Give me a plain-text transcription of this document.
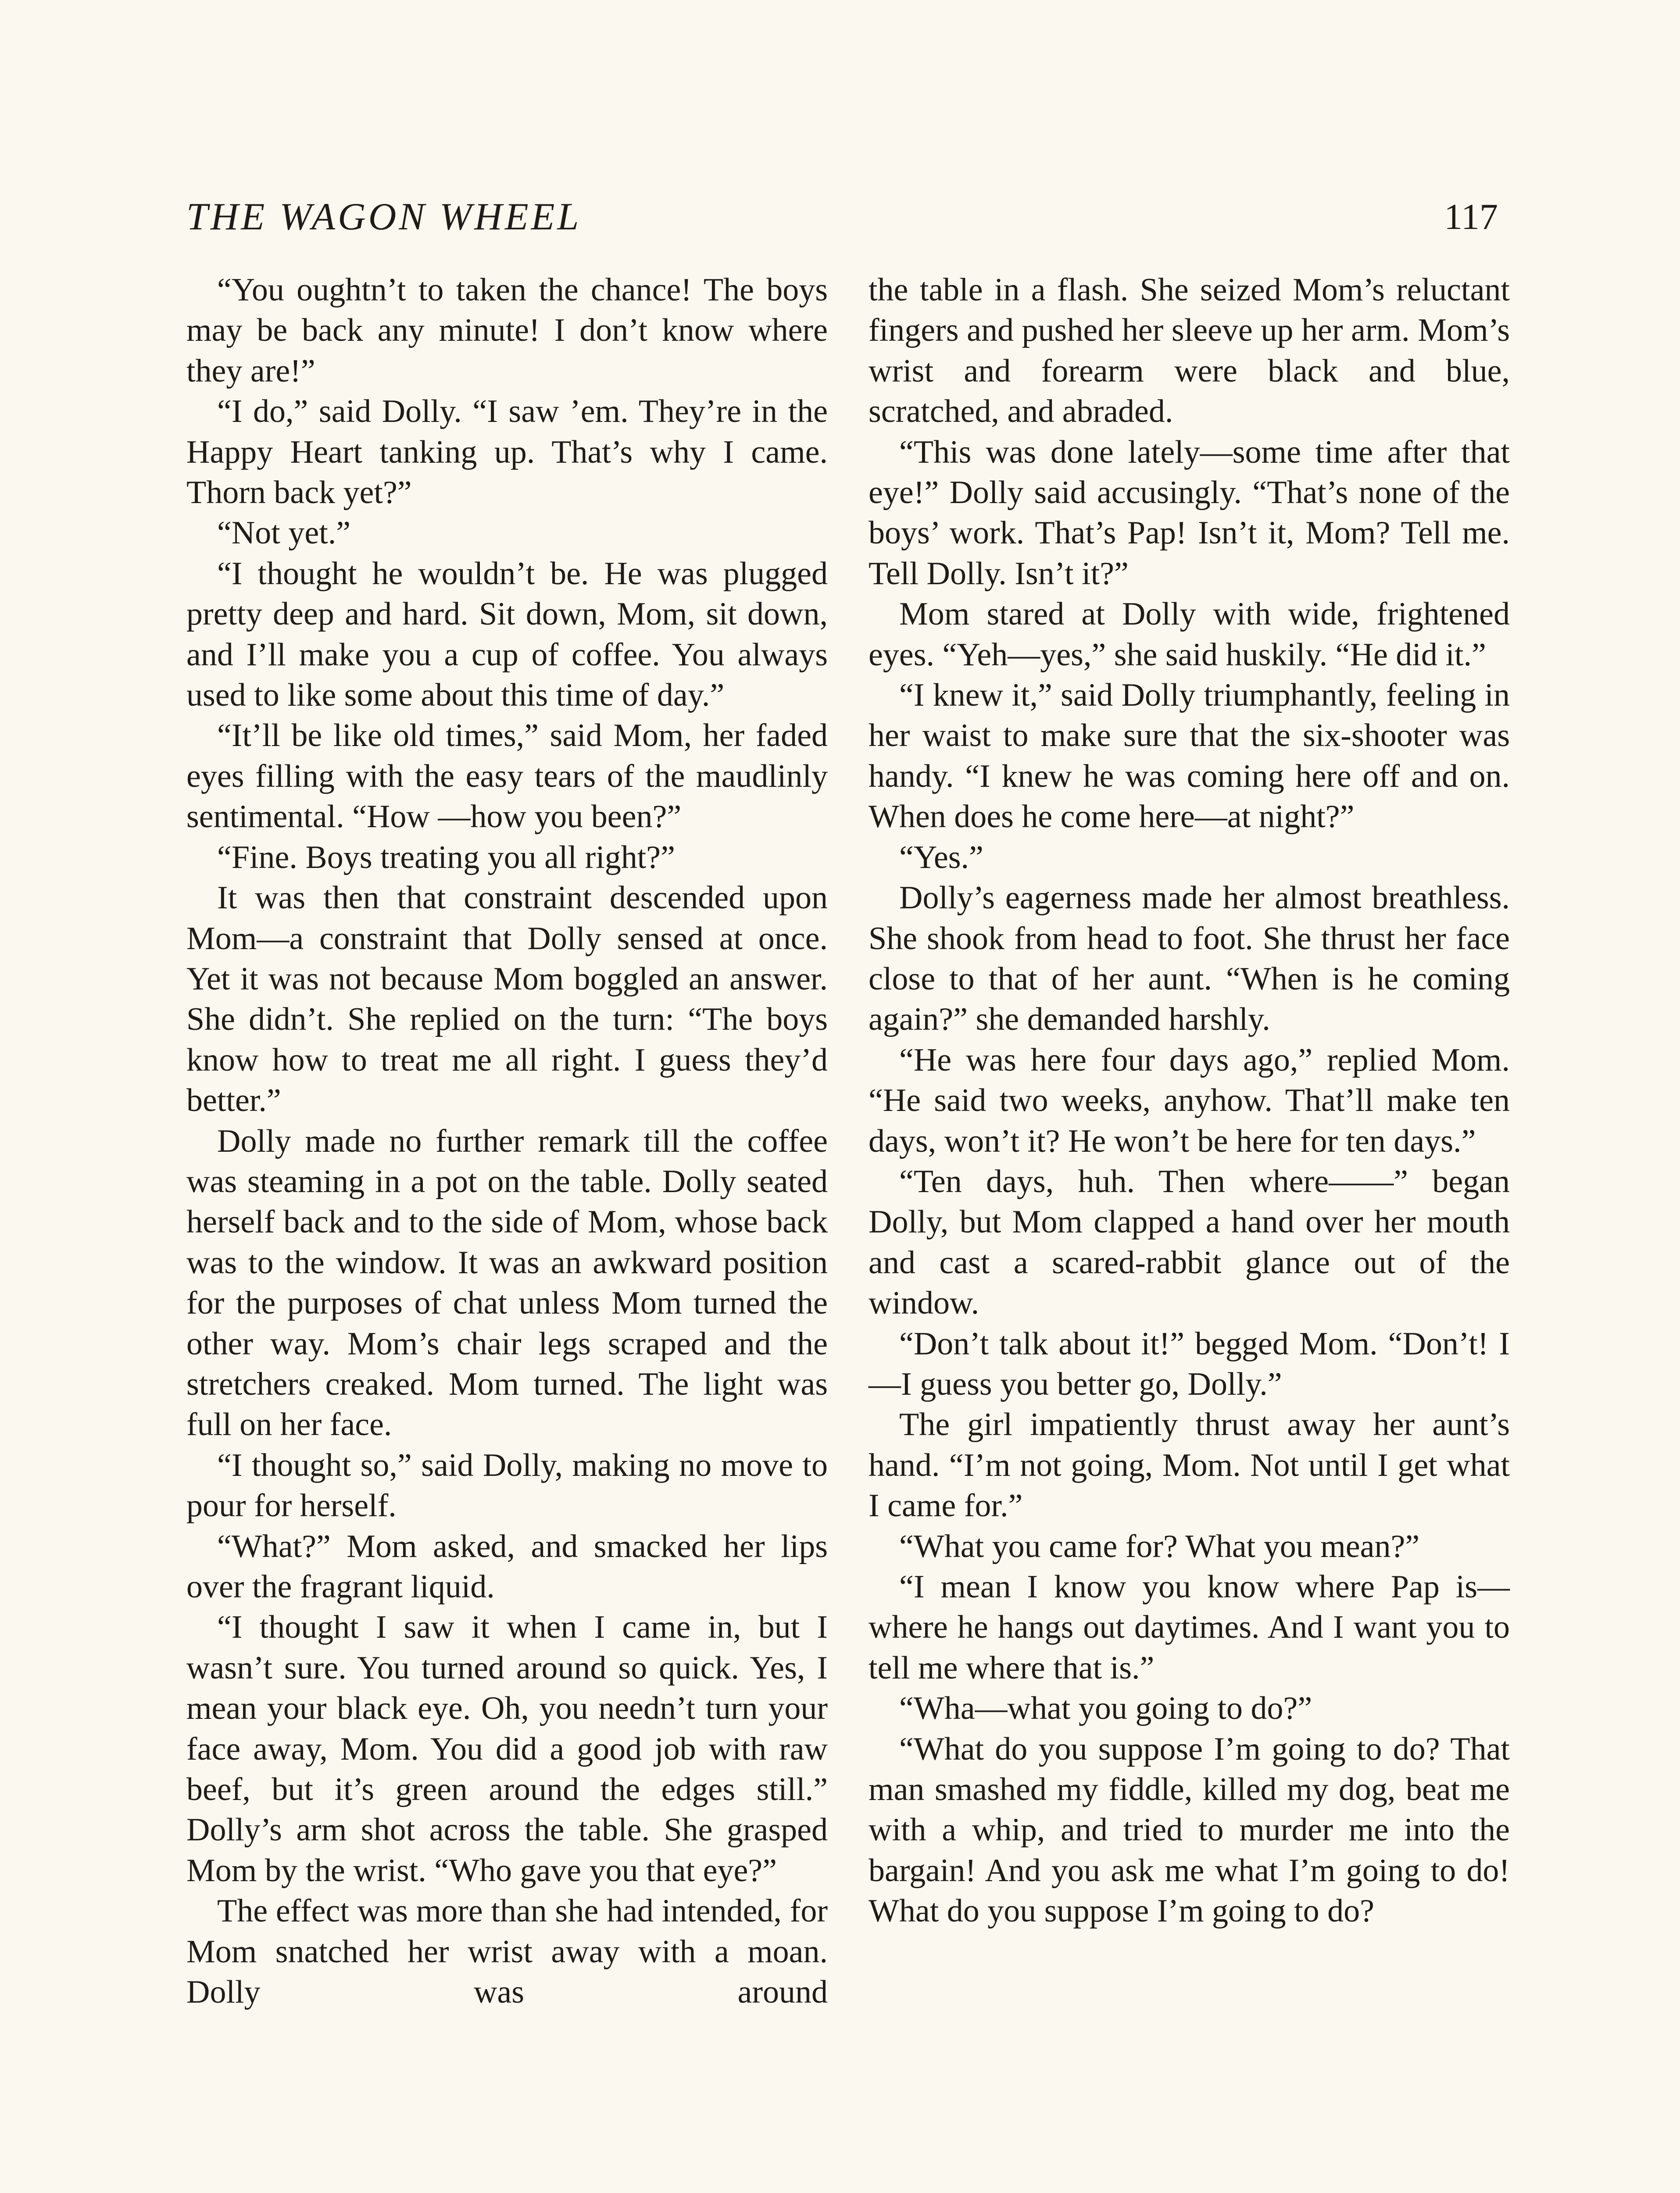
THE WAGON WHEEL	117

“You oughtn’t to taken the chance! The boys may be back any minute! I don’t know where they are!”

“I do,” said Dolly. “I saw ’em. They’re in the Happy Heart tanking up. That’s why I came. Thorn back yet?”

“Not yet.”

“I thought he wouldn’t be. He was plugged pretty deep and hard. Sit down, Mom, sit down, and I’ll make you a cup of coffee. You always used to like some about this time of day.”

“It’ll be like old times,” said Mom, her faded eyes filling with the easy tears of the maudlinly sentimental. “How —how you been?”

“Fine. Boys treating you all right?”

It was then that constraint descended upon Mom—a constraint that Dolly sensed at once. Yet it was not because Mom boggled an answer. She didn’t. She replied on the turn: “The boys know how to treat me all right. I guess they’d better.”

Dolly made no further remark till the coffee was steaming in a pot on the table. Dolly seated herself back and to the side of Mom, whose back was to the window. It was an awkward position for the purposes of chat unless Mom turned the other way. Mom’s chair legs scraped and the stretchers creaked. Mom turned. The light was full on her face.

“I thought so,” said Dolly, making no move to pour for herself.

“What?” Mom asked, and smacked her lips over the fragrant liquid.

“I thought I saw it when I came in, but I wasn’t sure. You turned around so quick. Yes, I mean your black eye. Oh, you needn’t turn your face away, Mom. You did a good job with raw beef, but it’s green around the edges still.” Dolly’s arm shot across the table. She grasped Mom by the wrist. “Who gave you that eye?”

The effect was more than she had intended, for Mom snatched her wrist away with a moan. Dolly was around

the table in a flash. She seized Mom’s reluctant fingers and pushed her sleeve up her arm. Mom’s wrist and forearm were black and blue, scratched, and abraded.

“This was done lately—some time after that eye!” Dolly said accusingly. “That’s none of the boys’ work. That’s Pap! Isn’t it, Mom? Tell me. Tell Dolly. Isn’t it?”

Mom stared at Dolly with wide, frightened eyes. “Yeh—yes,” she said huskily. “He did it.”

“I knew it,” said Dolly triumphantly, feeling in her waist to make sure that the six-shooter was handy. “I knew he was coming here off and on. When does he come here—at night?”

“Yes.”

Dolly’s eagerness made her almost breathless. She shook from head to foot. She thrust her face close to that of her aunt. “When is he coming again?” she demanded harshly.

“He was here four days ago,” replied Mom. “He said two weeks, anyhow. That’ll make ten days, won’t it? He won’t be here for ten days.”

“Ten days, huh. Then where——” began Dolly, but Mom clapped a hand over her mouth and cast a scared-rabbit glance out of the window.

“Don’t talk about it!” begged Mom. “Don’t! I—I guess you better go, Dolly.”

The girl impatiently thrust away her aunt’s hand. “I’m not going, Mom. Not until I get what I came for.”

“What you came for? What you mean?”

“I mean I know you know where Pap is—where he hangs out daytimes. And I want you to tell me where that is.”

“Wha—what you going to do?”

“What do you suppose I’m going to do? That man smashed my fiddle, killed my dog, beat me with a whip, and tried to murder me into the bargain! And you ask me what I’m going to do! What do you suppose I’m going to do?
